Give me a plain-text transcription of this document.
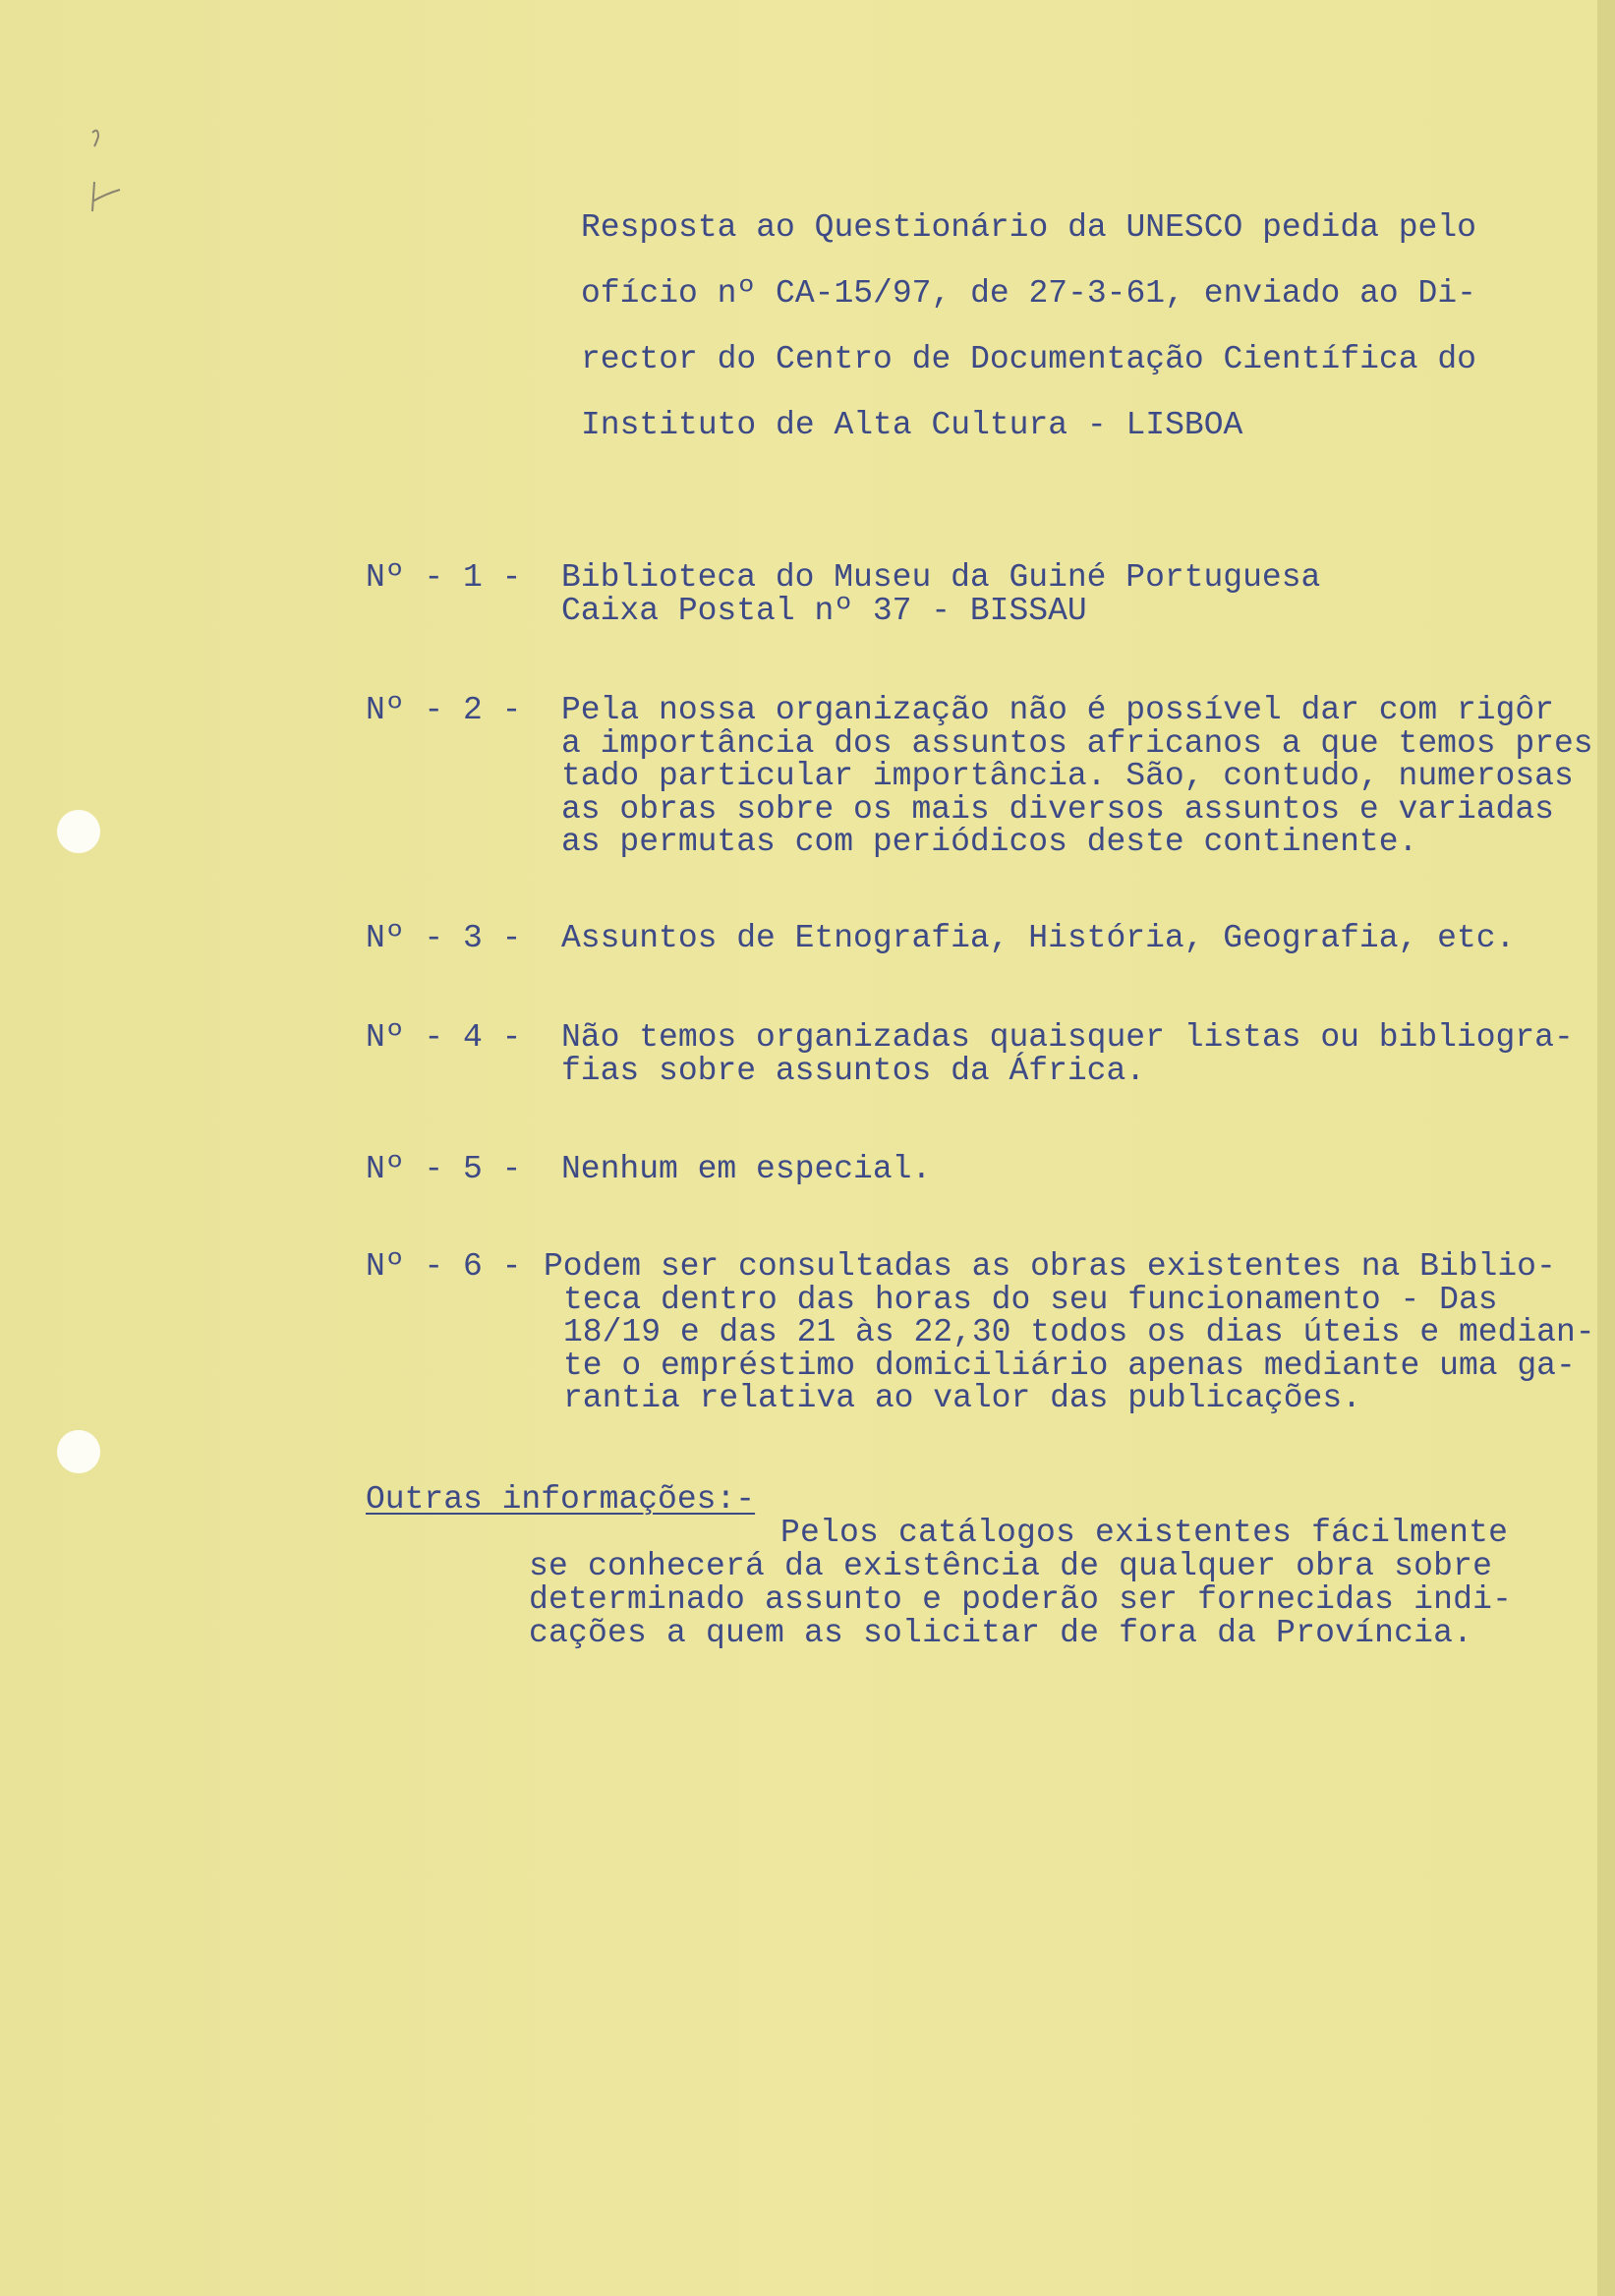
Resposta ao Questionário da UNESCO pedida pelo
ofício nº CA-15/97, de 27-3-61, enviado ao Di-
rector do Centro de Documentação Científica do
Instituto de Alta Cultura - LISBOA
Nº - 1 - Biblioteca do Museu da Guiné Portuguesa
Caixa Postal nº 37 - BISSAU
Nº - 2 - Pela nossa organização não é possível dar com rigôr
a importância dos assuntos africanos a que temos pres
tado particular importância. São, contudo, numerosas
as obras sobre os mais diversos assuntos e variadas
as permutas com periódicos deste continente.
Nº - 3 - Assuntos de Etnografia, História, Geografia, etc.
Nº - 4 - Não temos organizadas quaisquer listas ou bibliogra-
fias sobre assuntos da África.
Nº - 5 - Nenhum em especial.
Nº - 6 - Podem ser consultadas as obras existentes na Biblio-
teca dentro das horas do seu funcionamento - Das
18/19 e das 21 às 22,30 todos os dias úteis e median-
te o empréstimo domiciliário apenas mediante uma ga-
rantia relativa ao valor das publicações.
Outras informações:-
Pelos catálogos existentes fácilmente
se conhecerá da existência de qualquer obra sobre
determinado assunto e poderão ser fornecidas indi-
cações a quem as solicitar de fora da Província.
